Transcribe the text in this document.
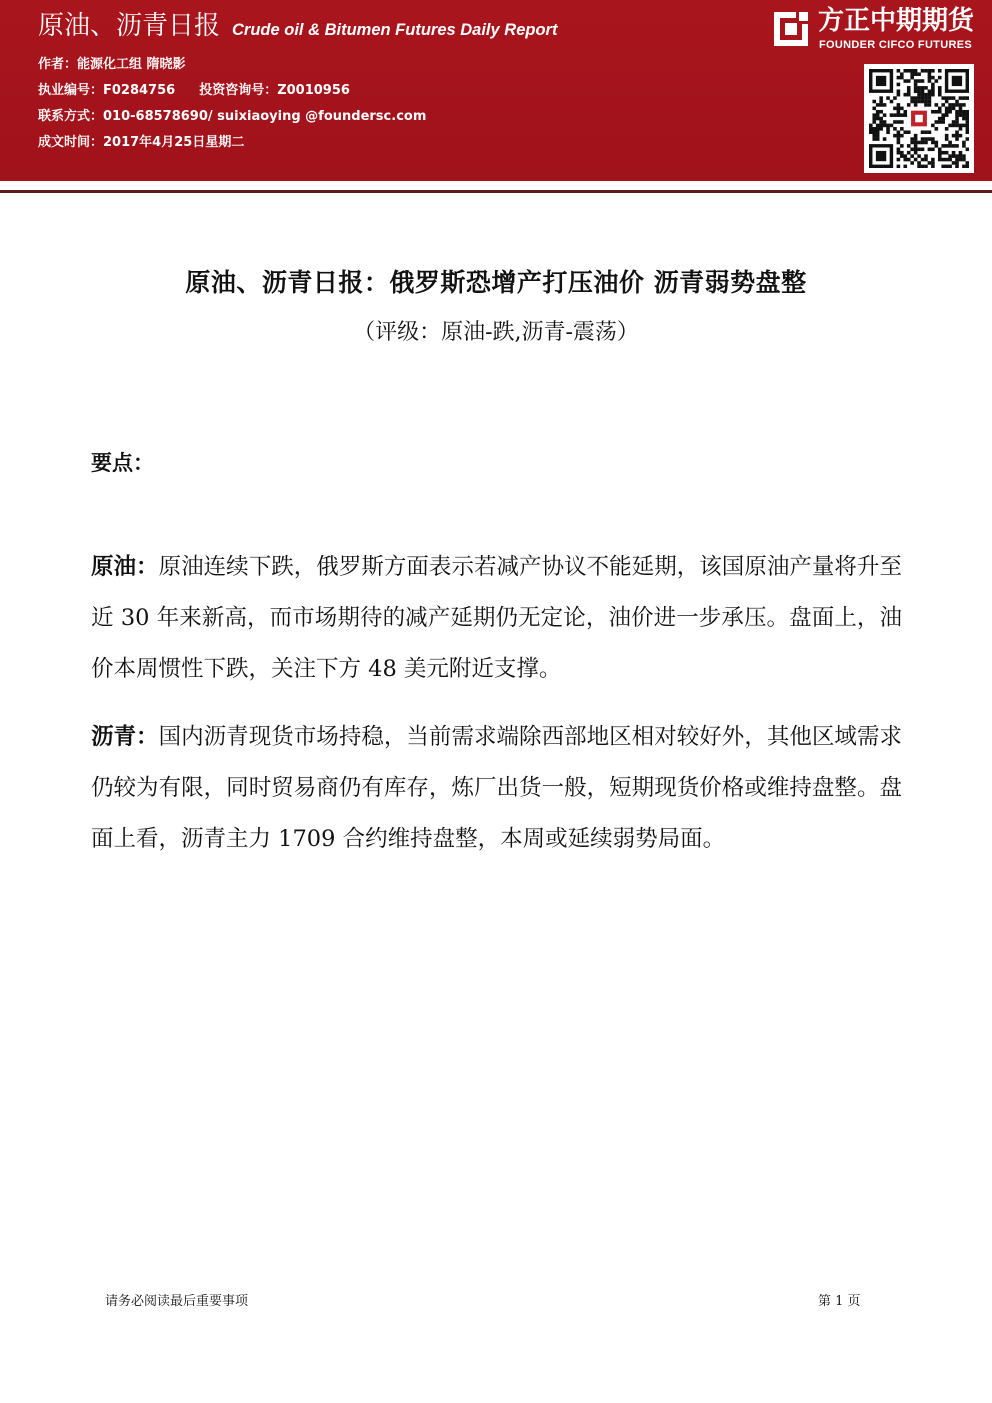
原油、沥青日报 Crude oil & Bitumen Futures Daily Report	方正中期期货
FOUNDER CIFCO FUTURES
作者：能源化工组 隋晓影
执业编号：F0284756 投资咨询号：Z0010956
联系方式：010-68578690/ suixiaoying @foundersc.com
成文时间：2017年4月25日星期二
原油、沥青日报：俄罗斯恐增产打压油价 沥青弱势盘整
（评级：原油-跌,沥青-震荡）
要点：

原油：原油连续下跌，俄罗斯方面表示若减产协议不能延期，该国原油产量将升至近 30 年来新高，而市场期待的减产延期仍无定论，油价进一步承压。盘面上，油价本周惯性下跌，关注下方 48 美元附近支撑。

沥青：国内沥青现货市场持稳，当前需求端除西部地区相对较好外，其他区域需求仍较为有限，同时贸易商仍有库存，炼厂出货一般，短期现货价格或维持盘整。盘面上看，沥青主力 1709 合约维持盘整，本周或延续弱势局面。

请务必阅读最后重要事项	第 1 页
